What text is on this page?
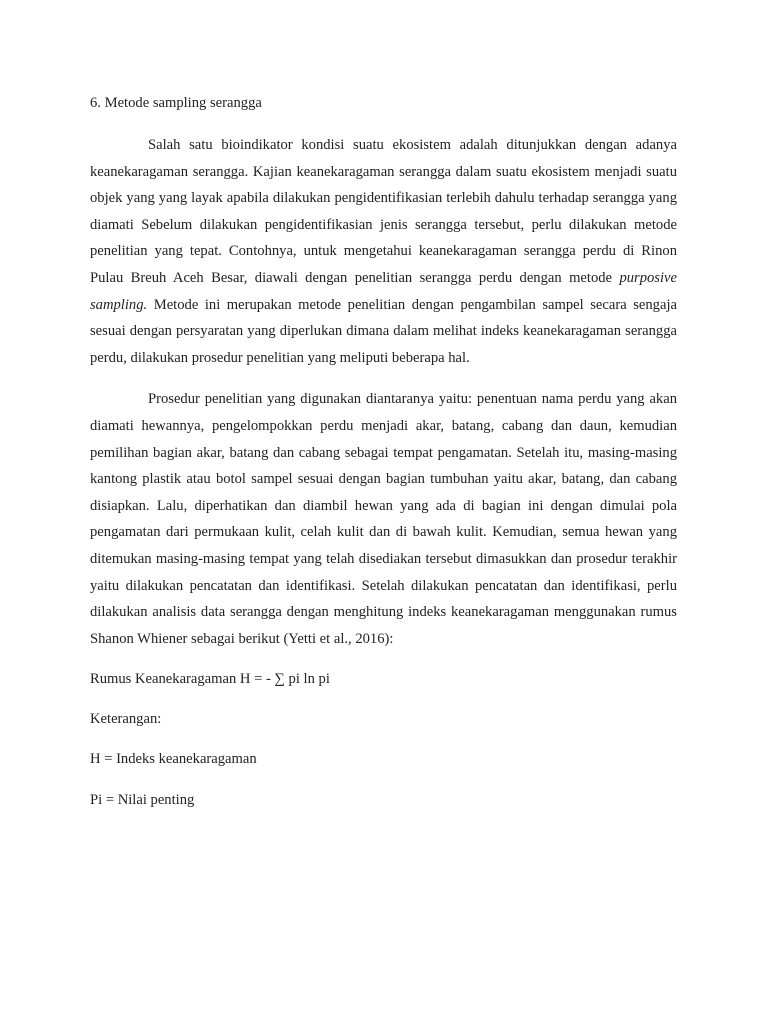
6. Metode sampling serangga

Salah satu bioindikator kondisi suatu ekosistem adalah ditunjukkan dengan adanya keanekaragaman serangga. Kajian keanekaragaman serangga dalam suatu ekosistem menjadi suatu objek yang yang layak apabila dilakukan pengidentifikasian terlebih dahulu terhadap serangga yang diamati Sebelum dilakukan pengidentifikasian jenis serangga tersebut, perlu dilakukan metode penelitian yang tepat. Contohnya, untuk mengetahui keanekaragaman serangga perdu di Rinon Pulau Breuh Aceh Besar, diawali dengan penelitian serangga perdu dengan metode purposive sampling. Metode ini merupakan metode penelitian dengan pengambilan sampel secara sengaja sesuai dengan persyaratan yang diperlukan dimana dalam melihat indeks keanekaragaman serangga perdu, dilakukan prosedur penelitian yang meliputi beberapa hal.

Prosedur penelitian yang digunakan diantaranya yaitu: penentuan nama perdu yang akan diamati hewannya, pengelompokkan perdu menjadi akar, batang, cabang dan daun, kemudian pemilihan bagian akar, batang dan cabang sebagai tempat pengamatan. Setelah itu, masing-masing kantong plastik atau botol sampel sesuai dengan bagian tumbuhan yaitu akar, batang, dan cabang disiapkan. Lalu, diperhatikan dan diambil hewan yang ada di bagian ini dengan dimulai pola pengamatan dari permukaan kulit, celah kulit dan di bawah kulit. Kemudian, semua hewan yang ditemukan masing-masing tempat yang telah disediakan tersebut dimasukkan dan prosedur terakhir yaitu dilakukan pencatatan dan identifikasi. Setelah dilakukan pencatatan dan identifikasi, perlu dilakukan analisis data serangga dengan menghitung indeks keanekaragaman menggunakan rumus Shanon Whiener sebagai berikut (Yetti et al., 2016):

Rumus Keanekaragaman H = - ∑ pi ln pi

Keterangan:

H = Indeks keanekaragaman

Pi = Nilai penting
